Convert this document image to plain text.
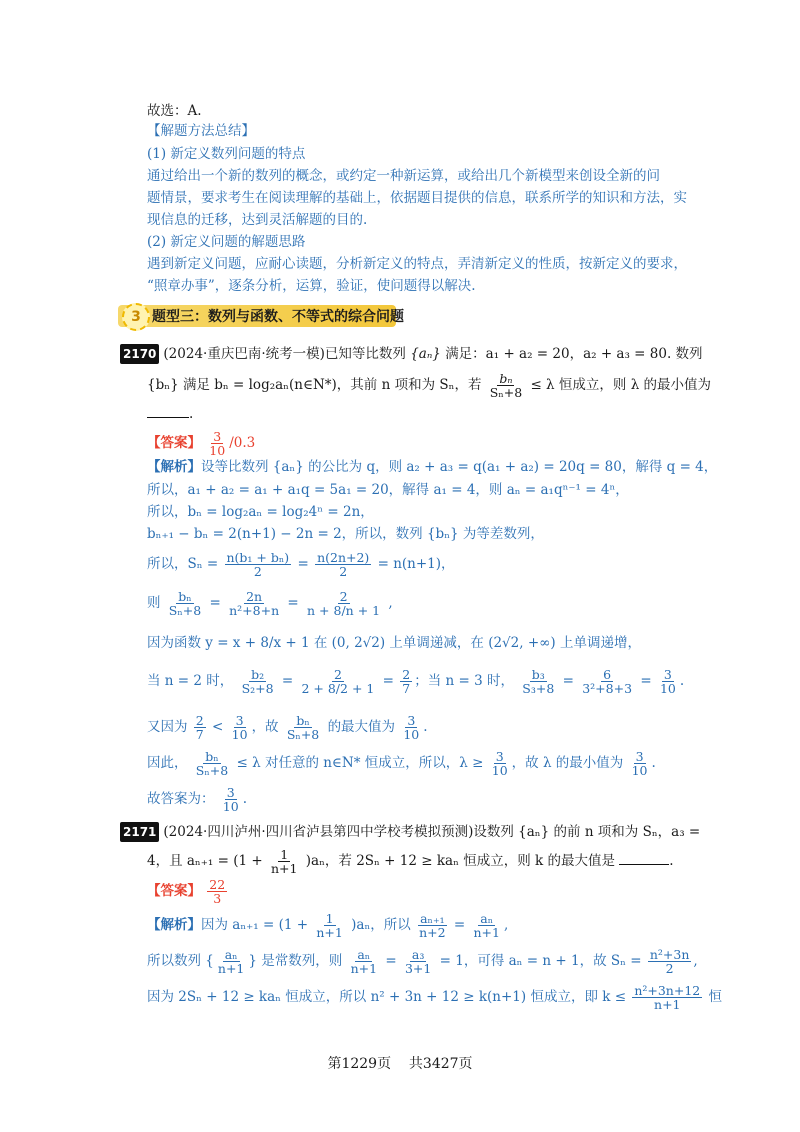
故选：A.
【解题方法总结】
(1) 新定义数列问题的特点
通过给出一个新的数列的概念，或约定一种新运算，或给出几个新模型来创设全新的问
题情景，要求考生在阅读理解的基础上，依据题目提供的信息，联系所学的知识和方法，实
现信息的迁移，达到灵活解题的目的.
(2) 新定义问题的解题思路
遇到新定义问题，应耐心读题，分析新定义的特点，弄清新定义的性质，按新定义的要求，
“照章办事”，逐条分析，运算，验证，使问题得以解决.
3 题型三：数列与函数、不等式的综合问题
2170 (2024·重庆巴南·统考一模)已知等比数列 {aₙ} 满足：a₁ + a₂ = 20，a₂ + a₃ = 80. 数列
{bₙ} 满足 bₙ = log₂aₙ(n∈N*)，其前 n 项和为 Sₙ，若 $\frac{\text{bₙ}}{\text{Sₙ+8}} \le \lambda$ 恒成立，则 λ 的最小值为
.
【答案】 $\frac{3}{10} /0.3$
【解析】设等比数列 {aₙ} 的公比为 q，则 a₂ + a₃ = q(a₁ + a₂) = 20q = 80，解得 q = 4，
所以，a₁ + a₂ = a₁ + a₁q = 5a₁ = 20，解得 a₁ = 4，则 aₙ = a₁qⁿ⁻¹ = 4ⁿ，
所以，bₙ = log₂aₙ = log₂4ⁿ = 2n，
bₙ₊₁ − bₙ = 2(n+1) − 2n = 2，所以，数列 {bₙ} 为等差数列，
所以，$S_n = \frac{\text{n(b₁ + bₙ)}}{2} = \frac{n(2n+2)}{2} = n(n+1)$，
则 $\frac{\text{bₙ}}{\text{Sₙ+8}} = \frac{2n}{\text{n²+8+n}} = \frac{2}{n + 8/n + 1}$ ,
因为函数 y = x + 8/x + 1 在 (0, 2√2) 上单调递减，在 (2√2, +∞) 上单调递增，
当 n = 2 时， $\frac{\text{b₂}}{\text{S₂+8}} = \frac{2}{2 + 8/2 + 1} = \frac{2}{7}$ ；当 n = 3 时， $\frac{\text{b₃}}{\text{S₃+8}} = \frac{6}{\text{3²+8+3}} = \frac{3}{10}$ .
又因为 $\frac{2}{7} < \frac{3}{10}$ ，故 $\frac{\text{bₙ}}{\text{Sₙ+8}}$ 的最大值为 $\frac{3}{10}$ .
因此， $\frac{\text{bₙ}}{\text{Sₙ+8}} \le \lambda$ 对任意的 n∈N* 恒成立，所以，$\lambda \ge \frac{3}{10}$ ，故 λ 的最小值为 $\frac{3}{10}$ .
故答案为： $\frac{3}{10}$ .
2171 (2024·四川泸州·四川省泸县第四中学校考模拟预测)设数列 {aₙ} 的前 n 项和为 Sₙ，a₃ =
4，且 $a_{n+1} = (1 + \frac{1}{n+1} )a_n$，若 2Sₙ + 12 ≥ kaₙ 恒成立，则 k 的最大值是	.
【答案】 $\frac{22}{3}$
【解析】因为 $a_{n+1} = (1 + \frac{1}{n+1} )a_n$，所以 $\frac{\text{aₙ₊₁}}{n+2} = \frac{\text{aₙ}}{n+1}$ ,
所以数列 { $\frac{\text{aₙ}}{n+1}$ } 是常数列，则 $\frac{\text{aₙ}}{n+1} = \frac{\text{a₃}}{3+1} = 1$，可得 aₙ = n + 1，故 $S_n = \frac{\text{n²+3n}}{2}$ ,
因为 2Sₙ + 12 ≥ kaₙ 恒成立，所以 n² + 3n + 12 ≥ k(n+1) 恒成立，即 $k \le \frac{\text{n²+3n+12}}{n+1}$ 恒
第1229页 共3427页
